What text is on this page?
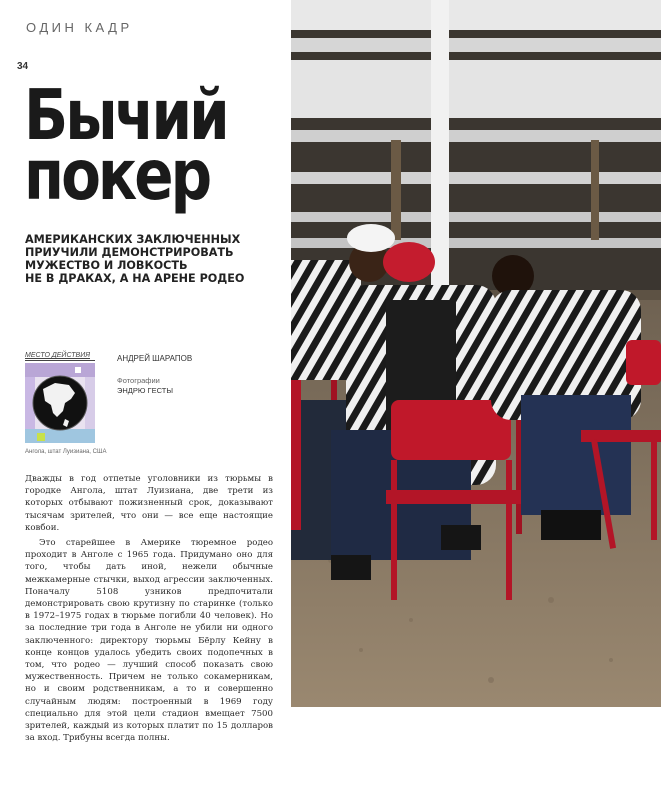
ОДИН КАДР
34
Бычий
покер
АМЕРИКАНСКИХ ЗАКЛЮЧЕННЫХ
ПРИУЧИЛИ ДЕМОНСТРИРОВАТЬ
МУЖЕСТВО И ЛОВКОСТЬ
НЕ В ДРАКАХ, А НА АРЕНЕ РОДЕО
МЕСТО ДЕЙСТВИЯ
Ангола, штат Луизиана, США
АНДРЕЙ ШАРАПОВ
Фотографии
ЭНДРЮ ГЕСТЫ

Дважды в год отпетые уголовники из тюрьмы в городке Ангола, штат Луизиана, две трети из которых отбывают пожизненный срок, доказывают тысячам зрителей, что они — все еще настоящие ковбои.

Это старейшее в Америке тюремное родео проходит в Анголе с 1965 года. Придумано оно для того, чтобы дать иной, нежели обычные межкамерные стычки, выход агрессии заключенных. Поначалу 5108 узников предпочитали демонстрировать свою крутизну по старинке (только в 1972–1975 годах в тюрьме погибли 40 человек). Но за последние три года в Анголе не убили ни одного заключенного: директору тюрьмы Бёрлу Кейну в конце концов удалось убедить своих подопечных в том, что родео — лучший способ показать свою мужественность. Причем не только сокамерникам, но и своим родственникам, а то и совершенно случайным людям: построенный в 1969 году специально для этой цели стадион вмещает 7500 зрителей, каждый из которых платит по 15 долларов за вход. Трибуны всегда полны.
